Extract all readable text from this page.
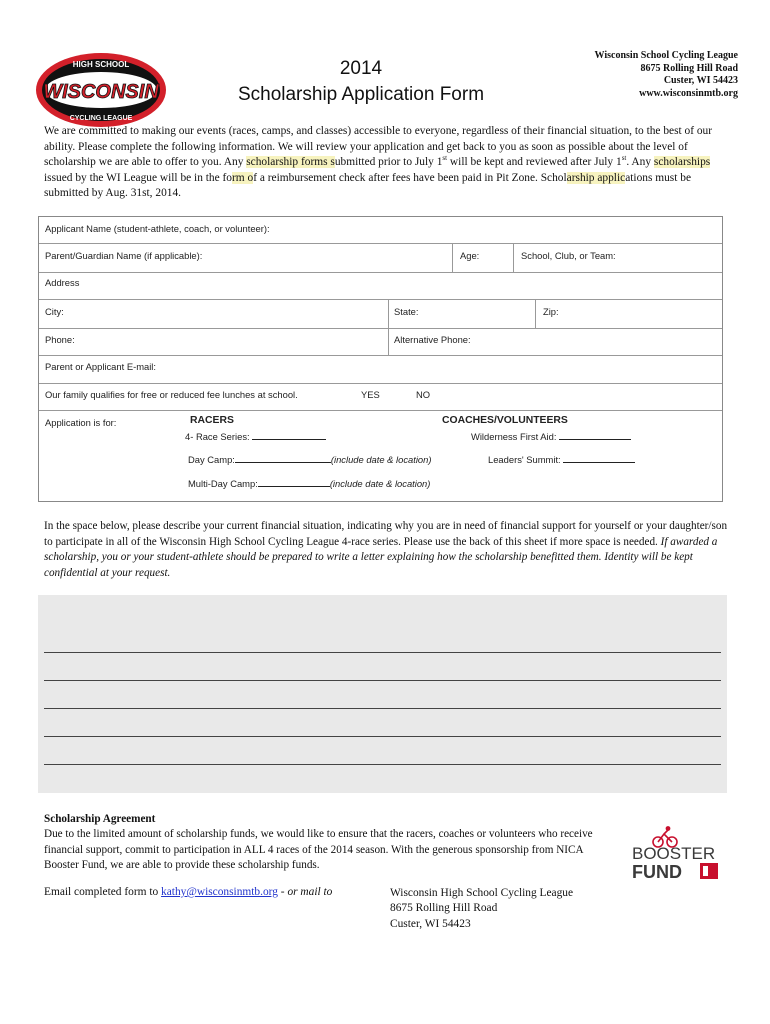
HIGH SCHOOL
WISCONSIN
CYCLING LEAGUE
2014
Scholarship Application Form
Wisconsin School Cycling League
8675 Rolling Hill Road
Custer, WI 54423
www.wisconsinmtb.org
We are committed to making our events (races, camps, and classes) accessible to everyone, regardless of their financial situation, to the best of our ability. Please complete the following information. We will review your application and get back to you as soon as possible about the level of scholarship we are able to offer to you. Any scholarship forms submitted prior to July 1st will be kept and reviewed after July 1st. Any scholarships issued by the WI League will be in the form of a reimbursement check after fees have been paid in Pit Zone. Scholarship applications must be submitted by Aug. 31st, 2014.
Applicant Name (student-athlete, coach, or volunteer):
Parent/Guardian Name (if applicable):	Age:	School, Club, or Team:
Address
City:	State:	Zip:
Phone:	Alternative Phone:
Parent or Applicant E-mail:
Our family qualifies for free or reduced fee lunches at school.	YES	NO
Application is for:	RACERS
4- Race Series:
Day Camp:	(include date & location)
Multi-Day Camp:	(include date & location)
COACHES/VOLUNTEERS
Wilderness First Aid:
Leaders' Summit:
In the space below, please describe your current financial situation, indicating why you are in need of financial support for yourself or your daughter/son to participate in all of the Wisconsin High School Cycling League 4-race series. Please use the back of this sheet if more space is needed. If awarded a scholarship, you or your student-athlete should be prepared to write a letter explaining how the scholarship benefitted them. Identity will be kept confidential at your request.
Scholarship Agreement
Due to the limited amount of scholarship funds, we would like to ensure that the racers, coaches or volunteers who receive financial support, commit to participation in ALL 4 races of the 2014 season. With the generous sponsorship from NICA Booster Fund, we are able to provide these scholarship funds.
BOOSTER
FUND
Email completed form to kathy@wisconsinmtb.org - or mail to	Wisconsin High School Cycling League
8675 Rolling Hill Road
Custer, WI 54423
